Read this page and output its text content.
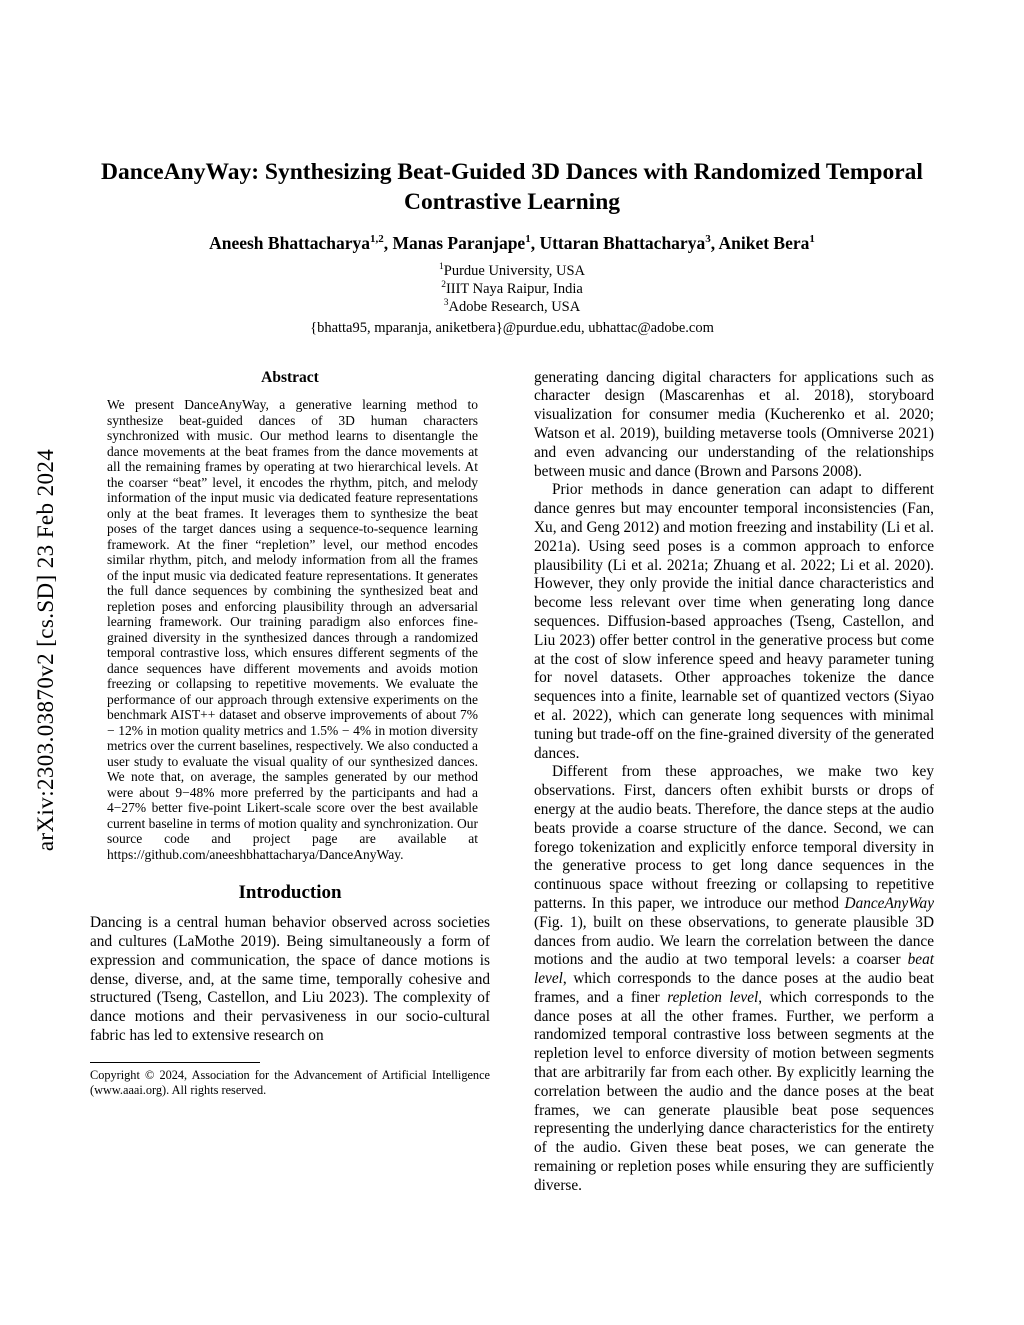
arXiv:2303.03870v2 [cs.SD] 23 Feb 2024
DanceAnyWay: Synthesizing Beat-Guided 3D Dances with Randomized Temporal Contrastive Learning
Aneesh Bhattacharya$^{1,2}$, Manas Paranjape$^1$, Uttaran Bhattacharya$^3$, Aniket Bera$^1$
$^1$Purdue University, USA
$^2$IIIT Naya Raipur, India
$^3$Adobe Research, USA
{bhatta95, mparanja, aniketbera}@purdue.edu, ubhattac@adobe.com
Abstract

We present DanceAnyWay, a generative learning method to synthesize beat-guided dances of 3D human characters synchronized with music. Our method learns to disentangle the dance movements at the beat frames from the dance movements at all the remaining frames by operating at two hierarchical levels. At the coarser “beat” level, it encodes the rhythm, pitch, and melody information of the input music via dedicated feature representations only at the beat frames. It leverages them to synthesize the beat poses of the target dances using a sequence-to-sequence learning framework. At the finer “repletion” level, our method encodes similar rhythm, pitch, and melody information from all the frames of the input music via dedicated feature representations. It generates the full dance sequences by combining the synthesized beat and repletion poses and enforcing plausibility through an adversarial learning framework. Our training paradigm also enforces fine-grained diversity in the synthesized dances through a randomized temporal contrastive loss, which ensures different segments of the dance sequences have different movements and avoids motion freezing or collapsing to repetitive movements. We evaluate the performance of our approach through extensive experiments on the benchmark AIST++ dataset and observe improvements of about 7% − 12% in motion quality metrics and 1.5% − 4% in motion diversity metrics over the current baselines, respectively. We also conducted a user study to evaluate the visual quality of our synthesized dances. We note that, on average, the samples generated by our method were about 9−48% more preferred by the participants and had a 4−27% better five-point Likert-scale score over the best available current baseline in terms of motion quality and synchronization. Our source code and project page are available at https://github.com/aneeshbhattacharya/DanceAnyWay.

Introduction

Dancing is a central human behavior observed across societies and cultures (LaMothe 2019). Being simultaneously a form of expression and communication, the space of dance motions is dense, diverse, and, at the same time, temporally cohesive and structured (Tseng, Castellon, and Liu 2023). The complexity of dance motions and their pervasiveness in our socio-cultural fabric has led to extensive research on

Copyright © 2024, Association for the Advancement of Artificial Intelligence (www.aaai.org). All rights reserved.

generating dancing digital characters for applications such as character design (Mascarenhas et al. 2018), storyboard visualization for consumer media (Kucherenko et al. 2020; Watson et al. 2019), building metaverse tools (Omniverse 2021) and even advancing our understanding of the relationships between music and dance (Brown and Parsons 2008).

Prior methods in dance generation can adapt to different dance genres but may encounter temporal inconsistencies (Fan, Xu, and Geng 2012) and motion freezing and instability (Li et al. 2021a). Using seed poses is a common approach to enforce plausibility (Li et al. 2021a; Zhuang et al. 2022; Li et al. 2020). However, they only provide the initial dance characteristics and become less relevant over time when generating long dance sequences. Diffusion-based approaches (Tseng, Castellon, and Liu 2023) offer better control in the generative process but come at the cost of slow inference speed and heavy parameter tuning for novel datasets. Other approaches tokenize the dance sequences into a finite, learnable set of quantized vectors (Siyao et al. 2022), which can generate long sequences with minimal tuning but trade-off on the fine-grained diversity of the generated dances.

Different from these approaches, we make two key observations. First, dancers often exhibit bursts or drops of energy at the audio beats. Therefore, the dance steps at the audio beats provide a coarse structure of the dance. Second, we can forego tokenization and explicitly enforce temporal diversity in the generative process to get long dance sequences in the continuous space without freezing or collapsing to repetitive patterns. In this paper, we introduce our method DanceAnyWay (Fig. 1), built on these observations, to generate plausible 3D dances from audio. We learn the correlation between the dance motions and the audio at two temporal levels: a coarser beat level, which corresponds to the dance poses at the audio beat frames, and a finer repletion level, which corresponds to the dance poses at all the other frames. Further, we perform a randomized temporal contrastive loss between segments at the repletion level to enforce diversity of motion between segments that are arbitrarily far from each other. By explicitly learning the correlation between the audio and the dance poses at the beat frames, we can generate plausible beat pose sequences representing the underlying dance characteristics for the entirety of the audio. Given these beat poses, we can generate the remaining or repletion poses while ensuring they are sufficiently diverse.
